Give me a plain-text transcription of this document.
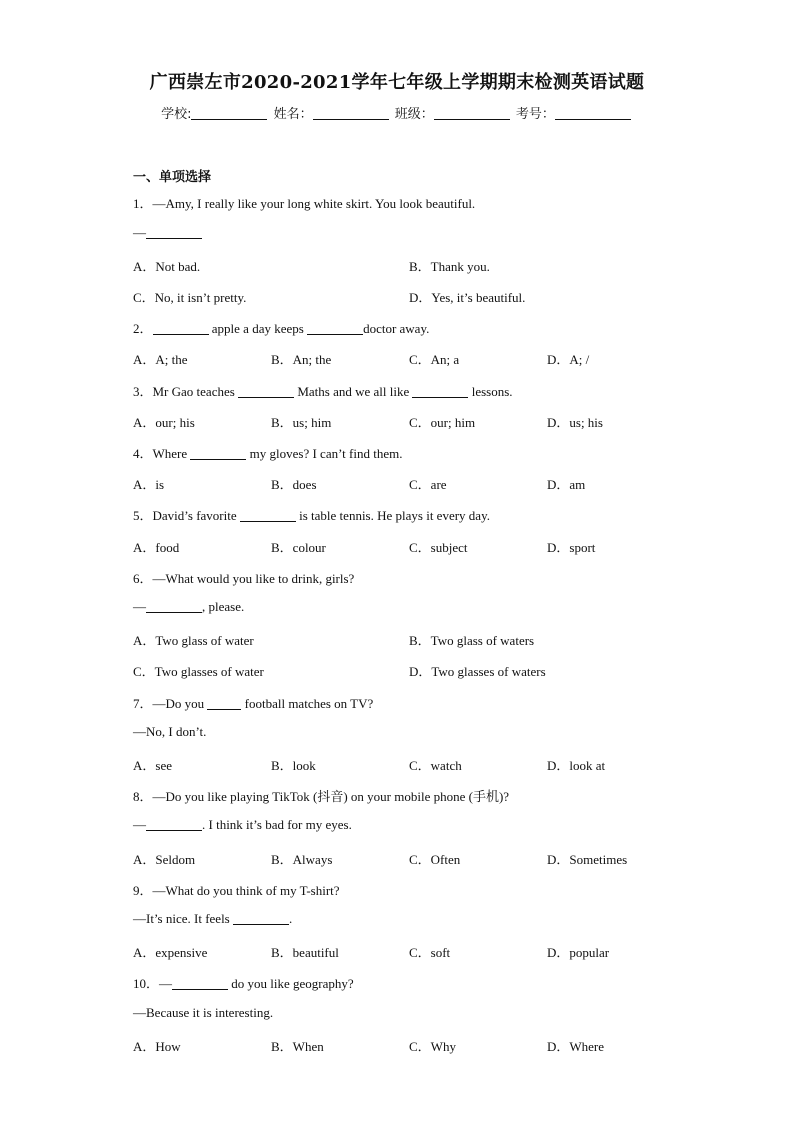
广西崇左市2020-2021学年七年级上学期期末检测英语试题
学校:	姓名：	班级：	考号：
一、单项选择
1．—Amy, I really like your long white skirt. You look beautiful.
—
A．Not bad.	B．Thank you.
C．No, it isn’t pretty.	D．Yes, it’s beautiful.
2．	apple a day keeps	doctor away.
A．A; the	B．An; the	C．An; a	D．A; /
3．Mr Gao teaches	Maths and we all like	lessons.
A．our; his	B．us; him	C．our; him	D．us; his
4．Where	my gloves? I can’t find them.
A．is	B．does	C．are	D．am
5．David’s favorite	is table tennis. He plays it every day.
A．food	B．colour	C．subject	D．sport
6．—What would you like to drink, girls?
—	, please.
A．Two glass of water	B．Two glass of waters
C．Two glasses of water	D．Two glasses of waters
7．—Do you	football matches on TV?
—No, I don’t.
A．see	B．look	C．watch	D．look at
8．—Do you like playing TikTok (抖音) on your mobile phone (手机)?
—	. I think it’s bad for my eyes.
A．Seldom	B．Always	C．Often	D．Sometimes
9．—What do you think of my T-shirt?
—It’s nice. It feels	.
A．expensive	B．beautiful	C．soft	D．popular
10．—	do you like geography?
—Because it is interesting.
A．How	B．When	C．Why	D．Where
